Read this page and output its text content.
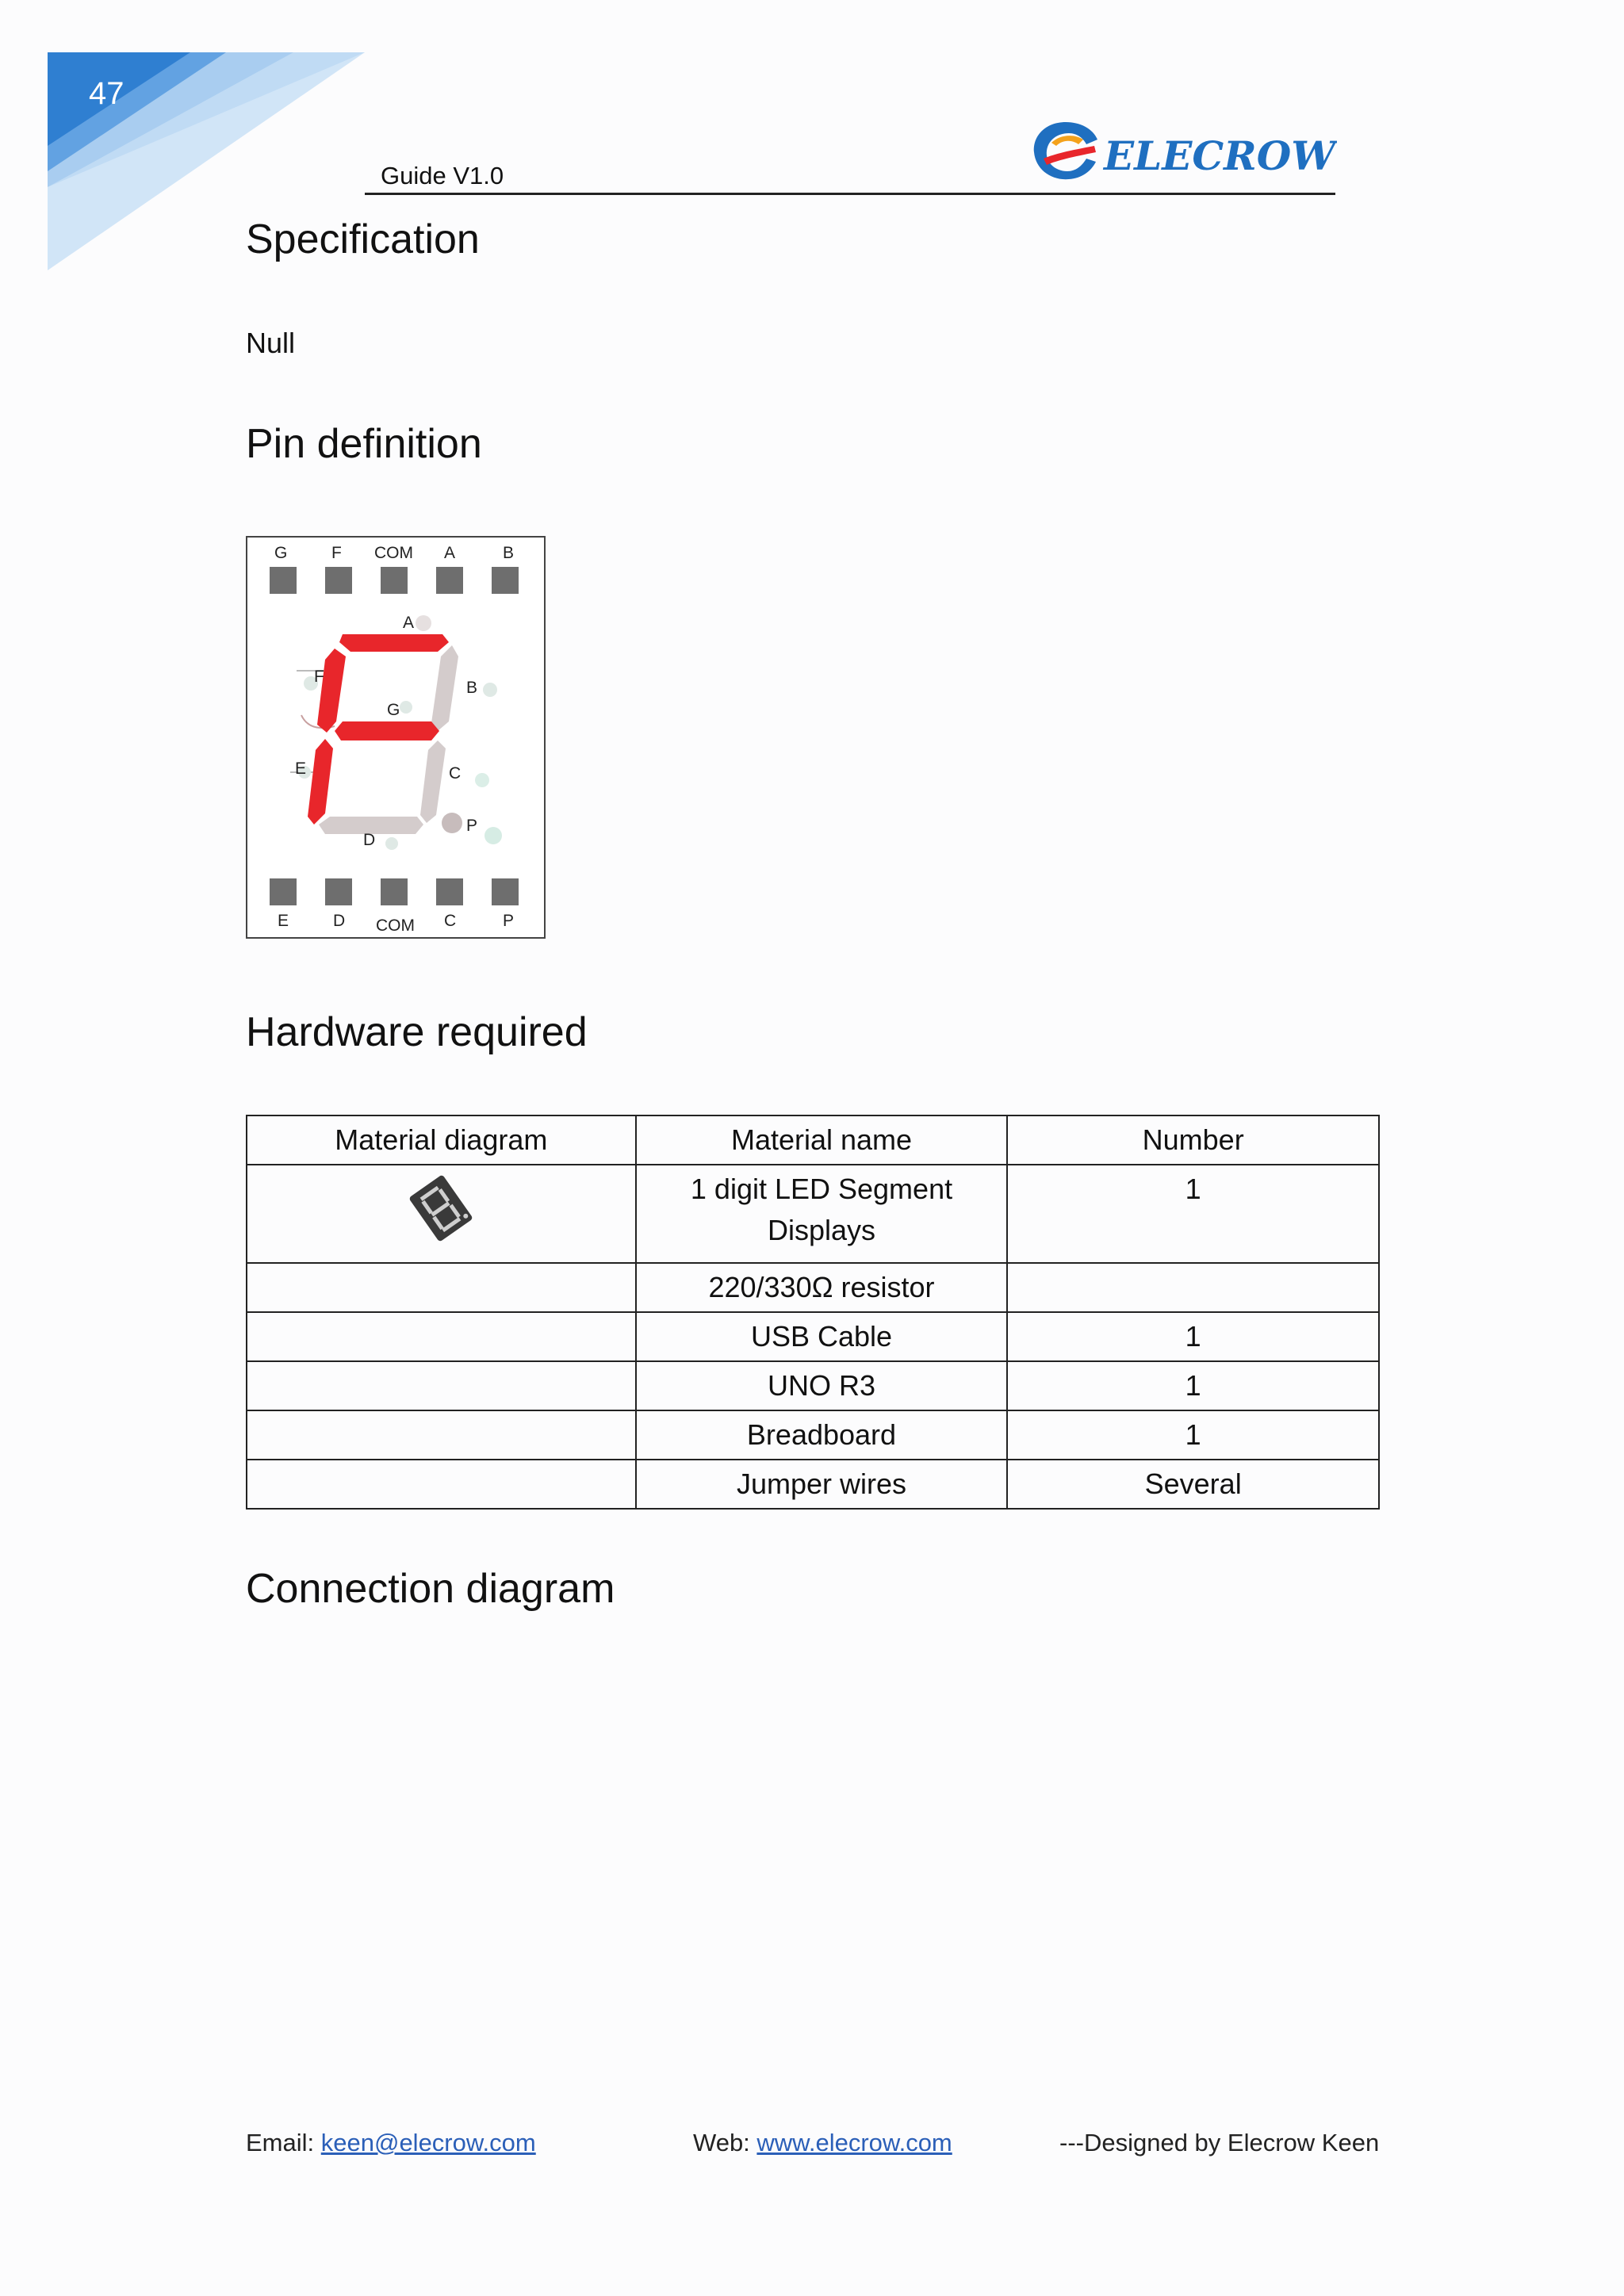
47
Guide V1.0	ELECROW
Specification
Null
Pin definition
G	F COM A	B
A
F
B
G
E	C
D
P
E	D COM C	P
Hardware required
Material diagram	Material name	Number
	1 digit LED Segment Displays	1
	220/330Ω resistor	
	USB Cable	1
	UNO R3	1
	Breadboard	1
	Jumper wires	Several
Connection diagram
Email: keen@elecrow.com	Web: www.elecrow.com	---Designed by Elecrow Keen
